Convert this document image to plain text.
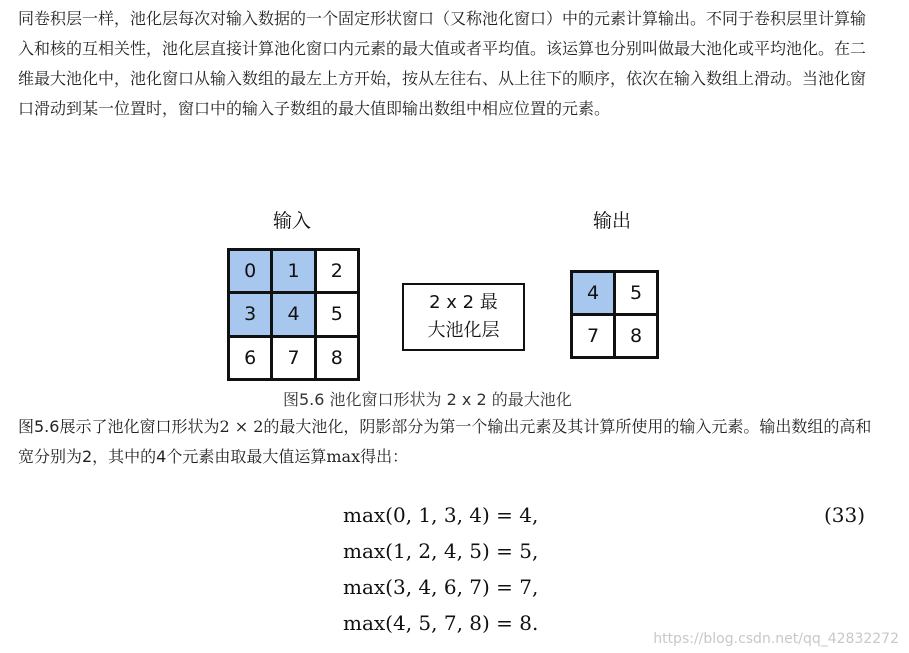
同卷积层一样，池化层每次对输入数据的一个固定形状窗口（又称池化窗口）中的元素计算输出。不同于卷积层里计算输入和核的互相关性，池化层直接计算池化窗口内元素的最大值或者平均值。该运算也分别叫做最大池化或平均池化。在二维最大池化中，池化窗口从输入数组的最左上方开始，按从左往右、从上往下的顺序，依次在输入数组上滑动。当池化窗口滑动到某一位置时，窗口中的输入子数组的最大值即输出数组中相应位置的元素。

输入	输出
0	1	2
3	4	5
6	7	8
2 x 2 最
大池化层
4	5
7	8
图5.6 池化窗口形状为 2 x 2 的最大池化

图5.6展示了池化窗口形状为2 × 2的最大池化，阴影部分为第一个输出元素及其计算所使用的输入元素。输出数组的高和宽分别为2，其中的4个元素由取最大值运算max得出：

max(0, 1, 3, 4) = 4,
max(1, 2, 4, 5) = 5,
max(3, 4, 6, 7) = 7,
max(4, 5, 7, 8) = 8.
(33)
https://blog.csdn.net/qq_42832272
